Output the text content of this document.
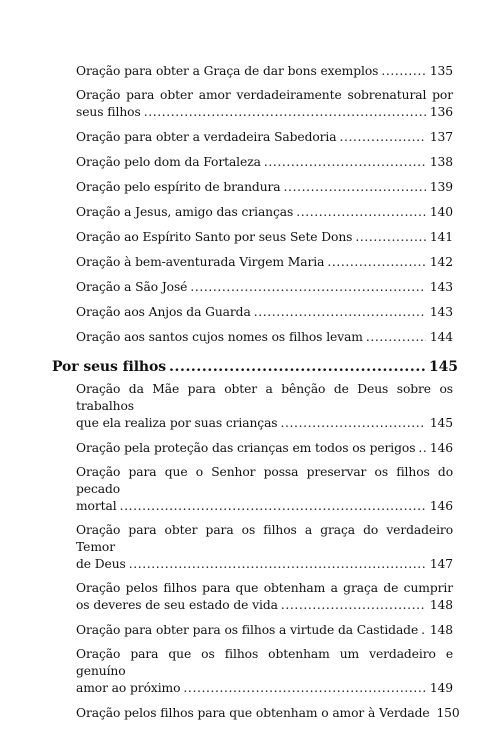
Oração para obter a Graça de dar bons exemplos .....	135
Oração para obter amor verdadeiramente sobrenatural por
seus filhos .....	136
Oração para obter a verdadeira Sabedoria .....	137
Oração pelo dom da Fortaleza .....	138
Oração pelo espírito de brandura .....	139
Oração a Jesus, amigo das crianças .....	140
Oração ao Espírito Santo por seus Sete Dons .....	141
Oração à bem-aventurada Virgem Maria .....	142
Oração a São José .....	143
Oração aos Anjos da Guarda .....	143
Oração aos santos cujos nomes os filhos levam .....	144
Por seus filhos .....	145
Oração da Mãe para obter a bênção de Deus sobre os trabalhos
que ela realiza por suas crianças .....	145
Oração pela proteção das crianças em todos os perigos ..... 146
Oração para que o Senhor possa preservar os filhos do pecado
mortal .....	146
Oração para obter para os filhos a graça do verdadeiro Temor
de Deus .....	147
Oração pelos filhos para que obtenham a graça de cumprir
os deveres de seu estado de vida .....	148
Oração para obter para os filhos a virtude da Castidade ..... 148
Oração para que os filhos obtenham um verdadeiro e genuíno
amor ao próximo .....	149
Oração pelos filhos para que obtenham o amor à Verdade 150
